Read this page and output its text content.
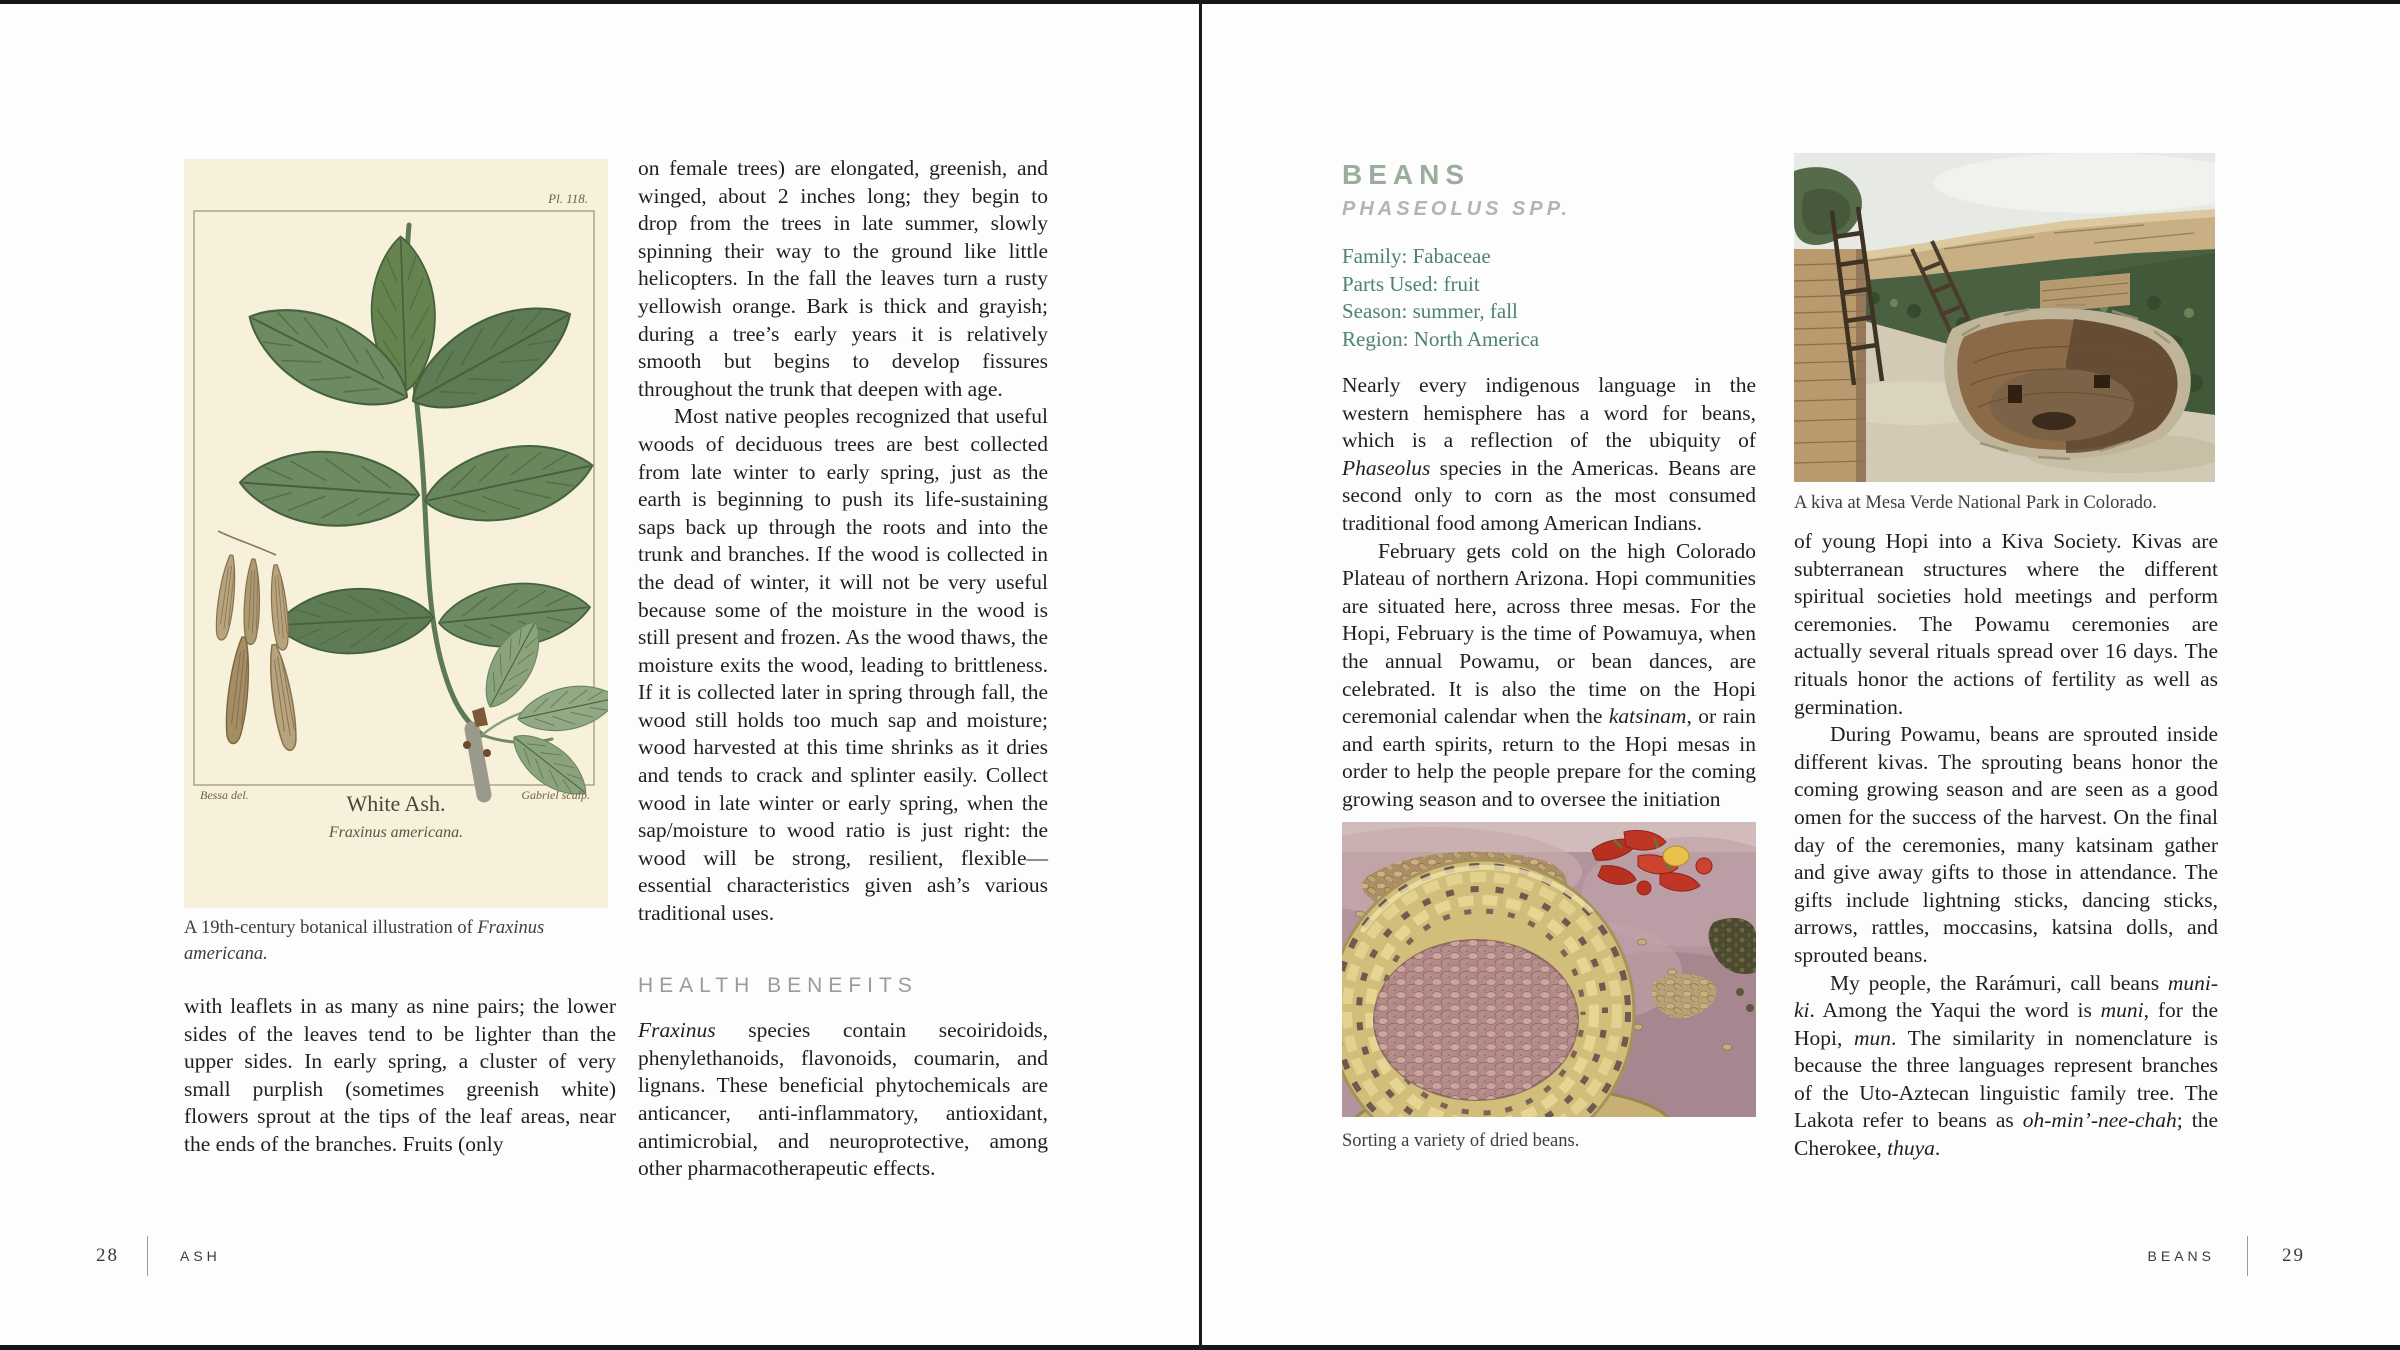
Pl. 118.
Bessa del.	Gabriel sculp.
White Ash.
Fraxinus americana.
A 19th-century botanical illustration of Fraxinus americana.

with leaflets in as many as nine pairs; the lower sides of the leaves tend to be lighter than the upper sides. In early spring, a cluster of very small purplish (sometimes greenish white) flowers sprout at the tips of the leaf areas, near the ends of the branches. Fruits (only

on female trees) are elongated, greenish, and winged, about 2 inches long; they begin to drop from the trees in late summer, slowly spinning their way to the ground like little helicopters. In the fall the leaves turn a rusty yellowish orange. Bark is thick and grayish; during a tree’s early years it is relatively smooth but begins to develop fissures throughout the trunk that deepen with age.

Most native peoples recognized that useful woods of deciduous trees are best collected from late winter to early spring, just as the earth is beginning to push its life-sustaining saps back up through the roots and into the trunk and branches. If the wood is collected in the dead of winter, it will not be very useful because some of the moisture in the wood is still present and frozen. As the wood thaws, the moisture exits the wood, leading to brittleness. If it is collected later in spring through fall, the wood still holds too much sap and moisture; wood harvested at this time shrinks as it dries and tends to crack and splinter easily. Collect wood in late winter or early spring, when the sap/moisture to wood ratio is just right: the wood will be strong, resilient, flexible—essential characteristics given ash’s various traditional uses.

HEALTH BENEFITS

Fraxinus species contain secoiridoids, phenylethanoids, flavonoids, coumarin, and lignans. These beneficial phytochemicals are anticancer, anti-inflammatory, antioxidant, antimicrobial, and neuroprotective, among other pharmacotherapeutic effects.

28	ASH
BEANS
PHASEOLUS SPP.
Family: Fabaceae
Parts Used: fruit
Season: summer, fall
Region: North America

Nearly every indigenous language in the western hemisphere has a word for beans, which is a reflection of the ubiquity of Phaseolus species in the Americas. Beans are second only to corn as the most consumed traditional food among American Indians.

February gets cold on the high Colorado Plateau of northern Arizona. Hopi communities are situated here, across three mesas. For the Hopi, February is the time of Powamuya, when the annual Powamu, or bean dances, are celebrated. It is also the time on the Hopi ceremonial calendar when the katsinam, or rain and earth spirits, return to the Hopi mesas in order to help the people prepare for the coming growing season and to oversee the initiation

Sorting a variety of dried beans.
A kiva at Mesa Verde National Park in Colorado.

of young Hopi into a Kiva Society. Kivas are subterranean structures where the different spiritual societies hold meetings and perform ceremonies. The Powamu ceremonies are actually several rituals spread over 16 days. The rituals honor the actions of fertility as well as germination.

During Powamu, beans are sprouted inside different kivas. The sprouting beans honor the coming growing season and are seen as a good omen for the success of the harvest. On the final day of the ceremonies, many katsinam gather and give away gifts to those in attendance. The gifts include lightning sticks, dancing sticks, arrows, rattles, moccasins, katsina dolls, and sprouted beans.

My people, the Rarámuri, call beans muni-ki. Among the Yaqui the word is muni, for the Hopi, mun. The similarity in nomenclature is because the three languages represent branches of the Uto-Aztecan linguistic family tree. The Lakota refer to beans as oh-min’-nee-chah; the Cherokee, thuya.

BEANS	29
